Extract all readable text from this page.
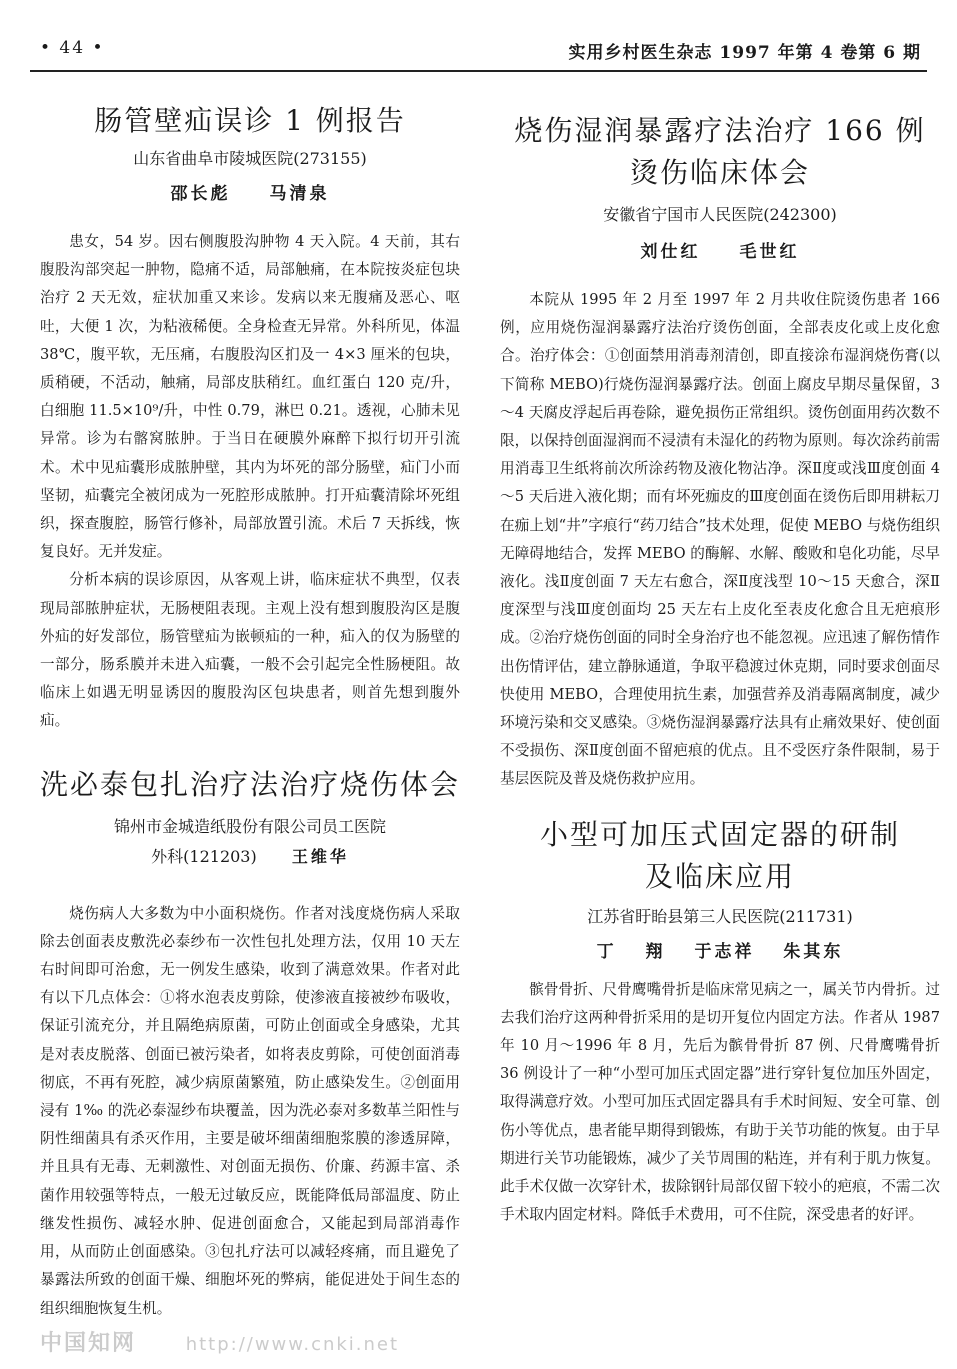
• 44 •	实用乡村医生杂志 1997 年第 4 卷第 6 期
肠管壁疝误诊 1 例报告

山东省曲阜市陵城医院(273155)

邵长彪 马清泉

患女，54 岁。因右侧腹股沟肿物 4 天入院。4 天前，其右腹股沟部突起一肿物，隐痛不适，局部触痛，在本院按炎症包块治疗 2 天无效，症状加重又来诊。发病以来无腹痛及恶心、呕吐，大便 1 次，为粘液稀便。全身检查无异常。外科所见，体温 38℃，腹平软，无压痛，右腹股沟区扪及一 4×3 厘米的包块，质稍硬，不活动，触痛，局部皮肤稍红。血红蛋白 120 克/升，白细胞 11.5×10⁹/升，中性 0.79，淋巴 0.21。透视，心肺未见异常。诊为右髂窝脓肿。于当日在硬膜外麻醉下拟行切开引流术。术中见疝囊形成脓肿壁，其内为坏死的部分肠壁，疝门小而坚韧，疝囊完全被闭成为一死腔形成脓肿。打开疝囊清除坏死组织，探查腹腔，肠管行修补，局部放置引流。术后 7 天拆线，恢复良好。无并发症。

分析本病的误诊原因，从客观上讲，临床症状不典型，仅表现局部脓肿症状，无肠梗阻表现。主观上没有想到腹股沟区是腹外疝的好发部位，肠管壁疝为嵌顿疝的一种，疝入的仅为肠壁的一部分，肠系膜并未进入疝囊，一般不会引起完全性肠梗阻。故临床上如遇无明显诱因的腹股沟区包块患者，则首先想到腹外疝。

洗必泰包扎治疗法治疗烧伤体会

锦州市金城造纸股份有限公司员工医院

外科(121203) 王维华

烧伤病人大多数为中小面积烧伤。作者对浅度烧伤病人采取除去创面表皮敷洗必泰纱布一次性包扎处理方法，仅用 10 天左右时间即可治愈，无一例发生感染，收到了满意效果。作者对此有以下几点体会：①将水泡表皮剪除，使渗液直接被纱布吸收，保证引流充分，并且隔绝病原菌，可防止创面或全身感染，尤其是对表皮脱落、创面已被污染者，如将表皮剪除，可使创面消毒彻底，不再有死腔，减少病原菌繁殖，防止感染发生。②创面用浸有 1‰ 的洗必泰湿纱布块覆盖，因为洗必泰对多数革兰阳性与阴性细菌具有杀灭作用，主要是破坏细菌细胞浆膜的渗透屏障，并且具有无毒、无刺激性、对创面无损伤、价廉、药源丰富、杀菌作用较强等特点，一般无过敏反应，既能降低局部温度、防止继发性损伤、减轻水肿、促进创面愈合，又能起到局部消毒作用，从而防止创面感染。③包扎疗法可以减轻疼痛，而且避免了暴露法所致的创面干燥、细胞坏死的弊病，能促进处于间生态的组织细胞恢复生机。

烧伤湿润暴露疗法治疗 166 例
烫伤临床体会

安徽省宁国市人民医院(242300)

刘仕红 毛世红

本院从 1995 年 2 月至 1997 年 2 月共收住院烫伤患者 166 例，应用烧伤湿润暴露疗法治疗烫伤创面，全部表皮化或上皮化愈合。治疗体会：①创面禁用消毒剂清创，即直接涂布湿润烧伤膏(以下简称 MEBO)行烧伤湿润暴露疗法。创面上腐皮早期尽量保留，3～4 天腐皮浮起后再卷除，避免损伤正常组织。烫伤创面用药次数不限，以保持创面湿润而不浸渍有未湿化的药物为原则。每次涂药前需用消毒卫生纸将前次所涂药物及液化物沾净。深Ⅱ度或浅Ⅲ度创面 4～5 天后进入液化期；而有坏死痂皮的Ⅲ度创面在烫伤后即用耕耘刀在痂上划“井”字痕行“药刀结合”技术处理，促使 MEBO 与烧伤组织无障碍地结合，发挥 MEBO 的酶解、水解、酸败和皂化功能，尽早液化。浅Ⅱ度创面 7 天左右愈合，深Ⅱ度浅型 10～15 天愈合，深Ⅱ度深型与浅Ⅲ度创面均 25 天左右上皮化至表皮化愈合且无疤痕形成。②治疗烧伤创面的同时全身治疗也不能忽视。应迅速了解伤情作出伤情评估，建立静脉通道，争取平稳渡过休克期，同时要求创面尽快使用 MEBO，合理使用抗生素，加强营养及消毒隔离制度，减少环境污染和交叉感染。③烧伤湿润暴露疗法具有止痛效果好、使创面不受损伤、深Ⅱ度创面不留疤痕的优点。且不受医疗条件限制，易于基层医院及普及烧伤救护应用。

小型可加压式固定器的研制
及临床应用

江苏省盱眙县第三人民医院(211731)

丁 翔 于志祥 朱其东

髌骨骨折、尺骨鹰嘴骨折是临床常见病之一，属关节内骨折。过去我们治疗这两种骨折采用的是切开复位内固定方法。作者从 1987 年 10 月～1996 年 8 月，先后为髌骨骨折 87 例、尺骨鹰嘴骨折 36 例设计了一种“小型可加压式固定器”进行穿针复位加压外固定，取得满意疗效。小型可加压式固定器具有手术时间短、安全可靠、创伤小等优点，患者能早期得到锻炼，有助于关节功能的恢复。由于早期进行关节功能锻炼，减少了关节周围的粘连，并有利于肌力恢复。此手术仅做一次穿针术，拔除钢针局部仅留下较小的疤痕，不需二次手术取内固定材料。降低手术费用，可不住院，深受患者的好评。

中国知网	http://www.cnki.net
